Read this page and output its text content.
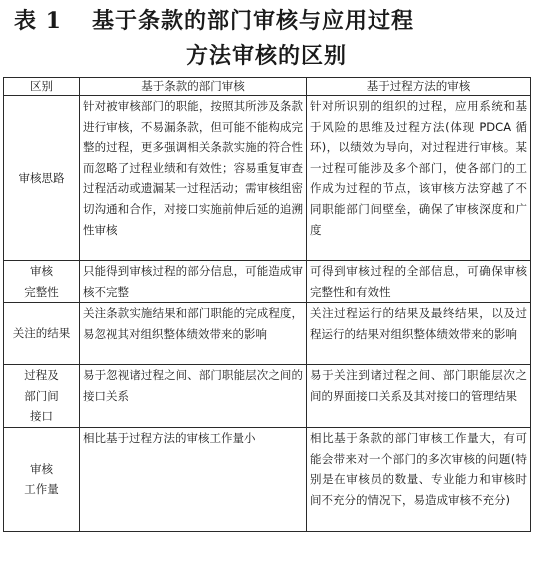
表 1 基于条款的部门审核与应用过程
方法审核的区别
区别	基于条款的部门审核	基于过程方法的审核

审核思路	针对被审核部门的职能，按照其所涉及条款进行审核，不易漏条款，但可能不能构成完整的过程，更多强调相关条款实施的符合性而忽略了过程业绩和有效性；容易重复审查过程活动或遗漏某一过程活动；需审核组密切沟通和合作，对接口实施前伸后延的追溯性审核	针对所识别的组织的过程，应用系统和基于风险的思维及过程方法(体现 PDCA 循环)，以绩效为导向，对过程进行审核。某一过程可能涉及多个部门，使各部门的工作成为过程的节点，该审核方法穿越了不同职能部门间壁垒，确保了审核深度和广度

审核
完整性	只能得到审核过程的部分信息，可能造成审核不完整	可得到审核过程的全部信息，可确保审核完整性和有效性

关注的结果	关注条款实施结果和部门职能的完成程度，易忽视其对组织整体绩效带来的影响	关注过程运行的结果及最终结果，以及过程运行的结果对组织整体绩效带来的影响

过程及
部门间
接口	易于忽视诸过程之间、部门职能层次之间的接口关系	易于关注到诸过程之间、部门职能层次之间的界面接口关系及其对接口的管理结果

审核
工作量	相比基于过程方法的审核工作量小	相比基于条款的部门审核工作量大，有可能会带来对一个部门的多次审核的问题(特别是在审核员的数量、专业能力和审核时间不充分的情况下，易造成审核不充分)
